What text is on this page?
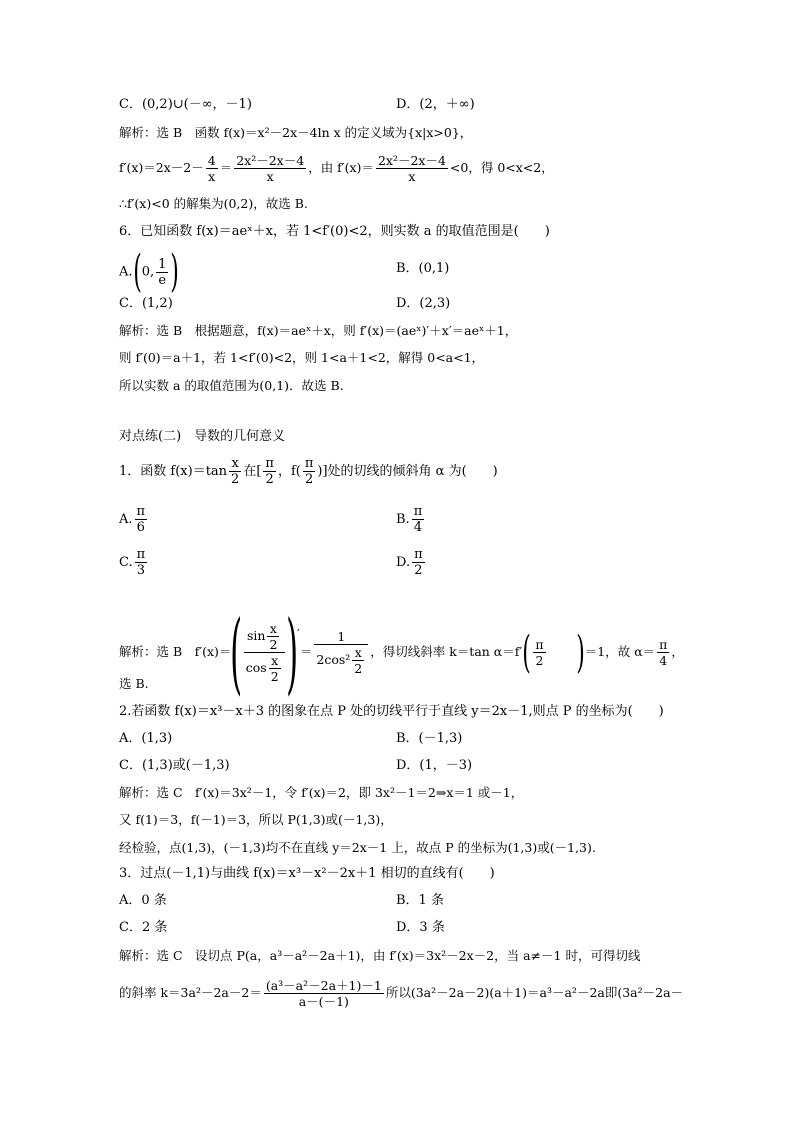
C．(0,2)∪(－∞，－1)	D．(2，＋∞)
解析：选 B　函数 f(x)＝x²－2x－4ln x 的定义域为{x|x>0}，
$f'(x)=2x-2- \frac{4}{x} = \frac{\text{2x²－2x－4}}{x}$ ，由 $f'(x)= \frac{\text{2x²－2x－4}}{x} <0$，得 0<x<2，
∴f′(x)<0 的解集为(0,2)，故选 B.
6．已知函数 f(x)＝aeˣ＋x，若 1<f′(0)<2，则实数 a 的取值范围是(　　)
A.(0, $\frac{1}{e}$ )	B．(0,1)
C．(1,2)	D．(2,3)
解析：选 B　根据题意，f(x)＝aeˣ＋x，则 f′(x)＝(aeˣ)′＋x′＝aeˣ＋1，
则 f′(0)＝a＋1，若 1<f′(0)<2，则 1<a＋1<2，解得 0<a<1，
所以实数 a 的取值范围为(0,1)．故选 B.
对点练(二)　导数的几何意义
1．函数 $f(x)=\tan \frac{x}{2}$ 在[ $\frac{\pi}{2}$ ，$f( \frac{\pi}{2}$ )]处的切线的倾斜角 α 为(　　)
A. $\frac{\pi}{6}$	B. $\frac{\pi}{4}$
C. $\frac{\pi}{3}$	D. $\frac{\pi}{2}$
解析：选 B　$f'(x)=( \frac{\sin \frac{x}{2}}{\cos \frac{x}{2}}$ )′＝ $\frac{1}{2\cos^2 \frac{x}{2}}$ ，得切线斜率 k＝tan $\alpha=f'( \frac{\pi}{2} )=1$，故 $\alpha= \frac{\pi}{4}$ ，
选 B.
2.若函数 f(x)＝x³－x＋3 的图象在点 P 处的切线平行于直线 y＝2x－1,则点 P 的坐标为(　　)
A．(1,3)	B．(－1,3)
C．(1,3)或(－1,3)	D．(1，－3)
解析：选 C　f′(x)＝3x²－1，令 f′(x)＝2，即 3x²－1＝2⇒x＝1 或－1，
又 f(1)＝3，f(－1)＝3，所以 P(1,3)或(－1,3)，
经检验，点(1,3)，(－1,3)均不在直线 y＝2x－1 上，故点 P 的坐标为(1,3)或(－1,3).
3．过点(－1,1)与曲线 f(x)＝x³－x²－2x＋1 相切的直线有(　　)
A．0 条	B．1 条
C．2 条	D．3 条
解析：选 C　设切点 P(a，a³－a²－2a＋1)，由 f′(x)＝3x²－2x－2，当 a≠－1 时，可得切线
的斜率 $k=3a^2-2a-2= \frac{\text{(a³－a²－2a＋1)－1}}{a-(-1)}$ 所以(3a²－2a－2)(a＋1)＝a³－a²－2a即(3a²－2a－
